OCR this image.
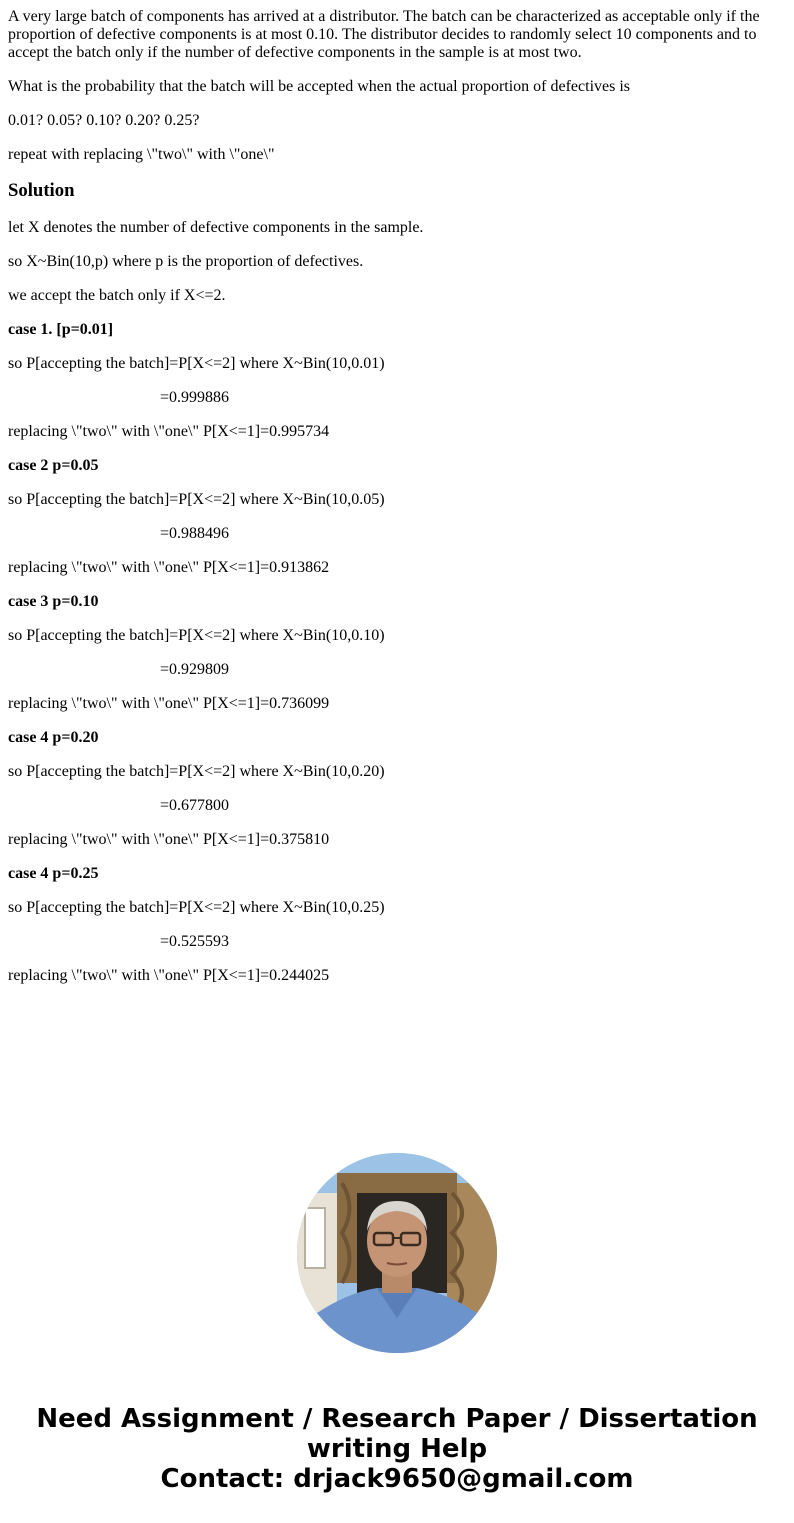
A very large batch of components has arrived at a distributor. The batch can be characterized as acceptable only if the proportion of defective components is at most 0.10. The distributor decides to randomly select 10 components and to accept the batch only if the number of defective components in the sample is at most two.

What is the probability that the batch will be accepted when the actual proportion of defectives is

0.01? 0.05? 0.10? 0.20? 0.25?

repeat with replacing \"two\" with \"one\"

Solution

let X denotes the number of defective components in the sample.

so X~Bin(10,p) where p is the proportion of defectives.

we accept the batch only if X<=2.

case 1. [p=0.01]

so P[accepting the batch]=P[X<=2] where X~Bin(10,0.01)

=0.999886

replacing \"two\" with \"one\" P[X<=1]=0.995734

case 2 p=0.05

so P[accepting the batch]=P[X<=2] where X~Bin(10,0.05)

=0.988496

replacing \"two\" with \"one\" P[X<=1]=0.913862

case 3 p=0.10

so P[accepting the batch]=P[X<=2] where X~Bin(10,0.10)

=0.929809

replacing \"two\" with \"one\" P[X<=1]=0.736099

case 4 p=0.20

so P[accepting the batch]=P[X<=2] where X~Bin(10,0.20)

=0.677800

replacing \"two\" with \"one\" P[X<=1]=0.375810

case 4 p=0.25

so P[accepting the batch]=P[X<=2] where X~Bin(10,0.25)

=0.525593

replacing \"two\" with \"one\" P[X<=1]=0.244025

Need Assignment / Research Paper / Dissertation
writing Help
Contact: drjack9650@gmail.com
